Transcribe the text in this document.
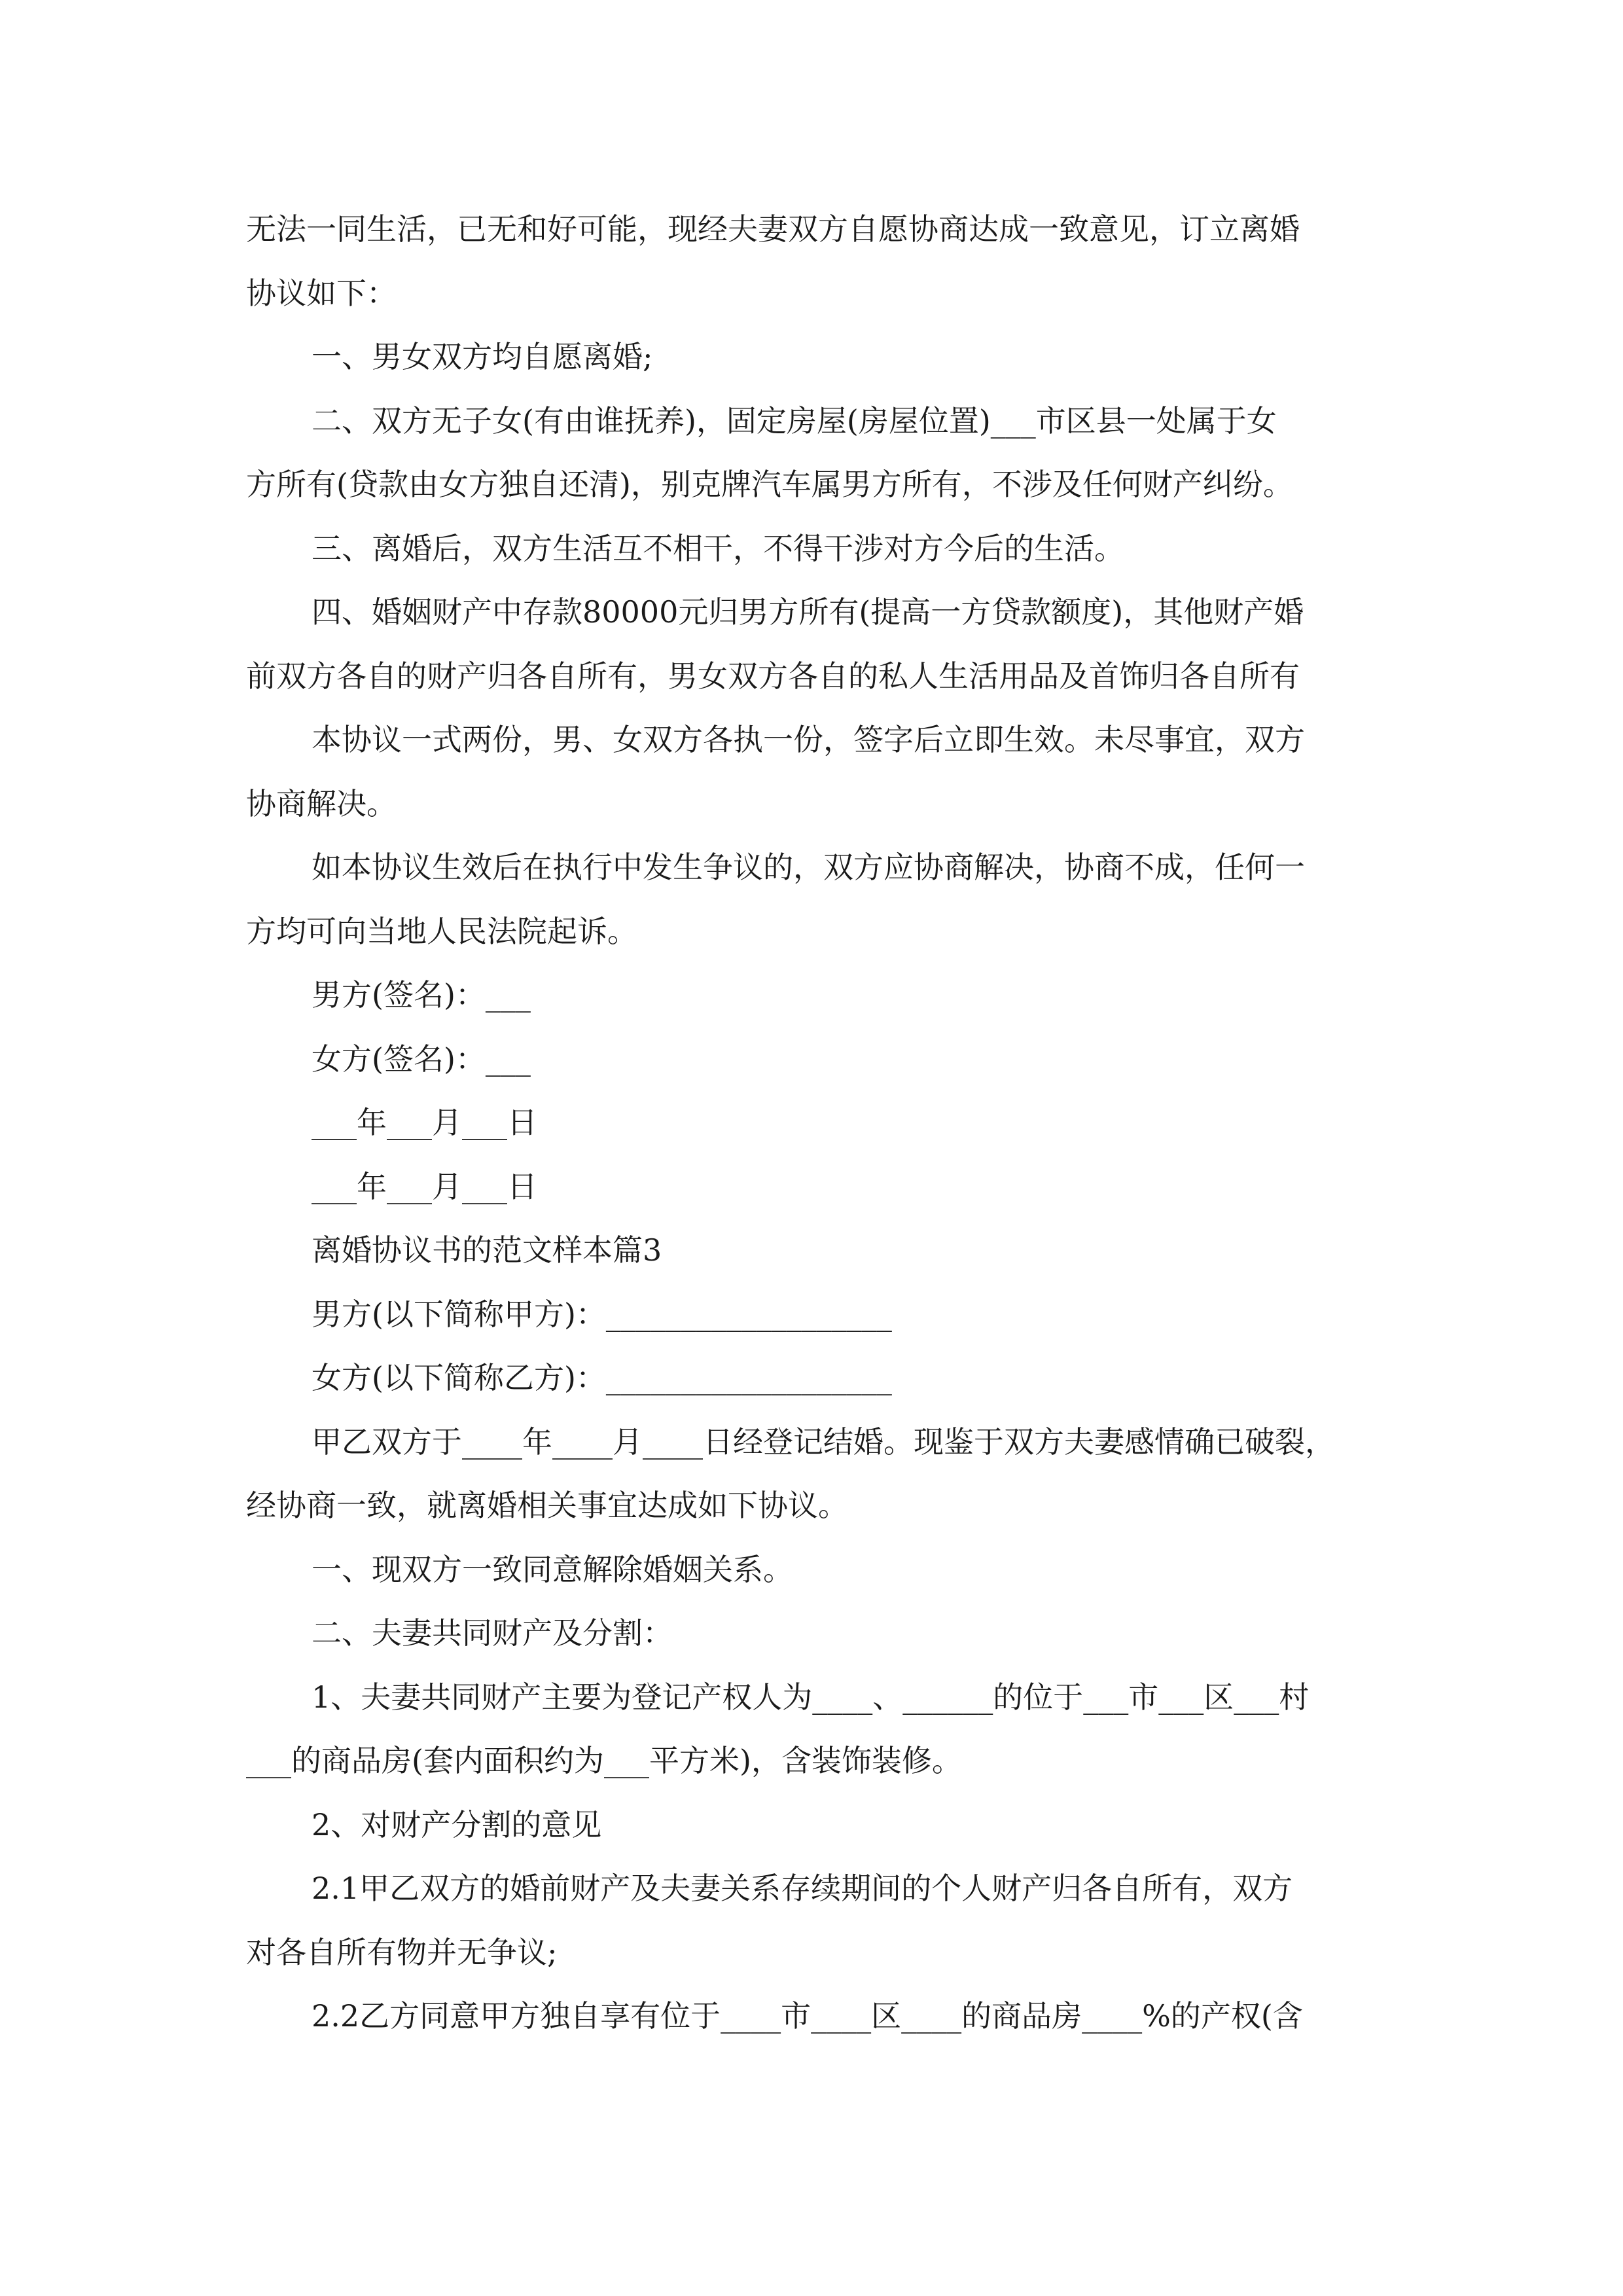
无法一同生活，已无和好可能，现经夫妻双方自愿协商达成一致意见，订立离婚

协议如下：

一、男女双方均自愿离婚;

二、双方无子女(有由谁抚养)，固定房屋(房屋位置)___市区县一处属于女

方所有(贷款由女方独自还清)，别克牌汽车属男方所有，不涉及任何财产纠纷。

三、离婚后，双方生活互不相干，不得干涉对方今后的生活。

四、婚姻财产中存款80000元归男方所有(提高一方贷款额度)，其他财产婚

前双方各自的财产归各自所有，男女双方各自的私人生活用品及首饰归各自所有

本协议一式两份，男、女双方各执一份，签字后立即生效。未尽事宜，双方

协商解决。

如本协议生效后在执行中发生争议的，双方应协商解决，协商不成，任何一

方均可向当地人民法院起诉。

男方(签名)：___

女方(签名)：___

___年___月___日

___年___月___日

离婚协议书的范文样本篇3

男方(以下简称甲方)：___________________

女方(以下简称乙方)：___________________

甲乙双方于____年____月____日经登记结婚。现鉴于双方夫妻感情确已破裂，

经协商一致，就离婚相关事宜达成如下协议。

一、现双方一致同意解除婚姻关系。

二、夫妻共同财产及分割：

1、夫妻共同财产主要为登记产权人为____、______的位于___市___区___村

___的商品房(套内面积约为___平方米)，含装饰装修。

2、对财产分割的意见

2.1甲乙双方的婚前财产及夫妻关系存续期间的个人财产归各自所有，双方

对各自所有物并无争议;

2.2乙方同意甲方独自享有位于____市____区____的商品房____%的产权(含
